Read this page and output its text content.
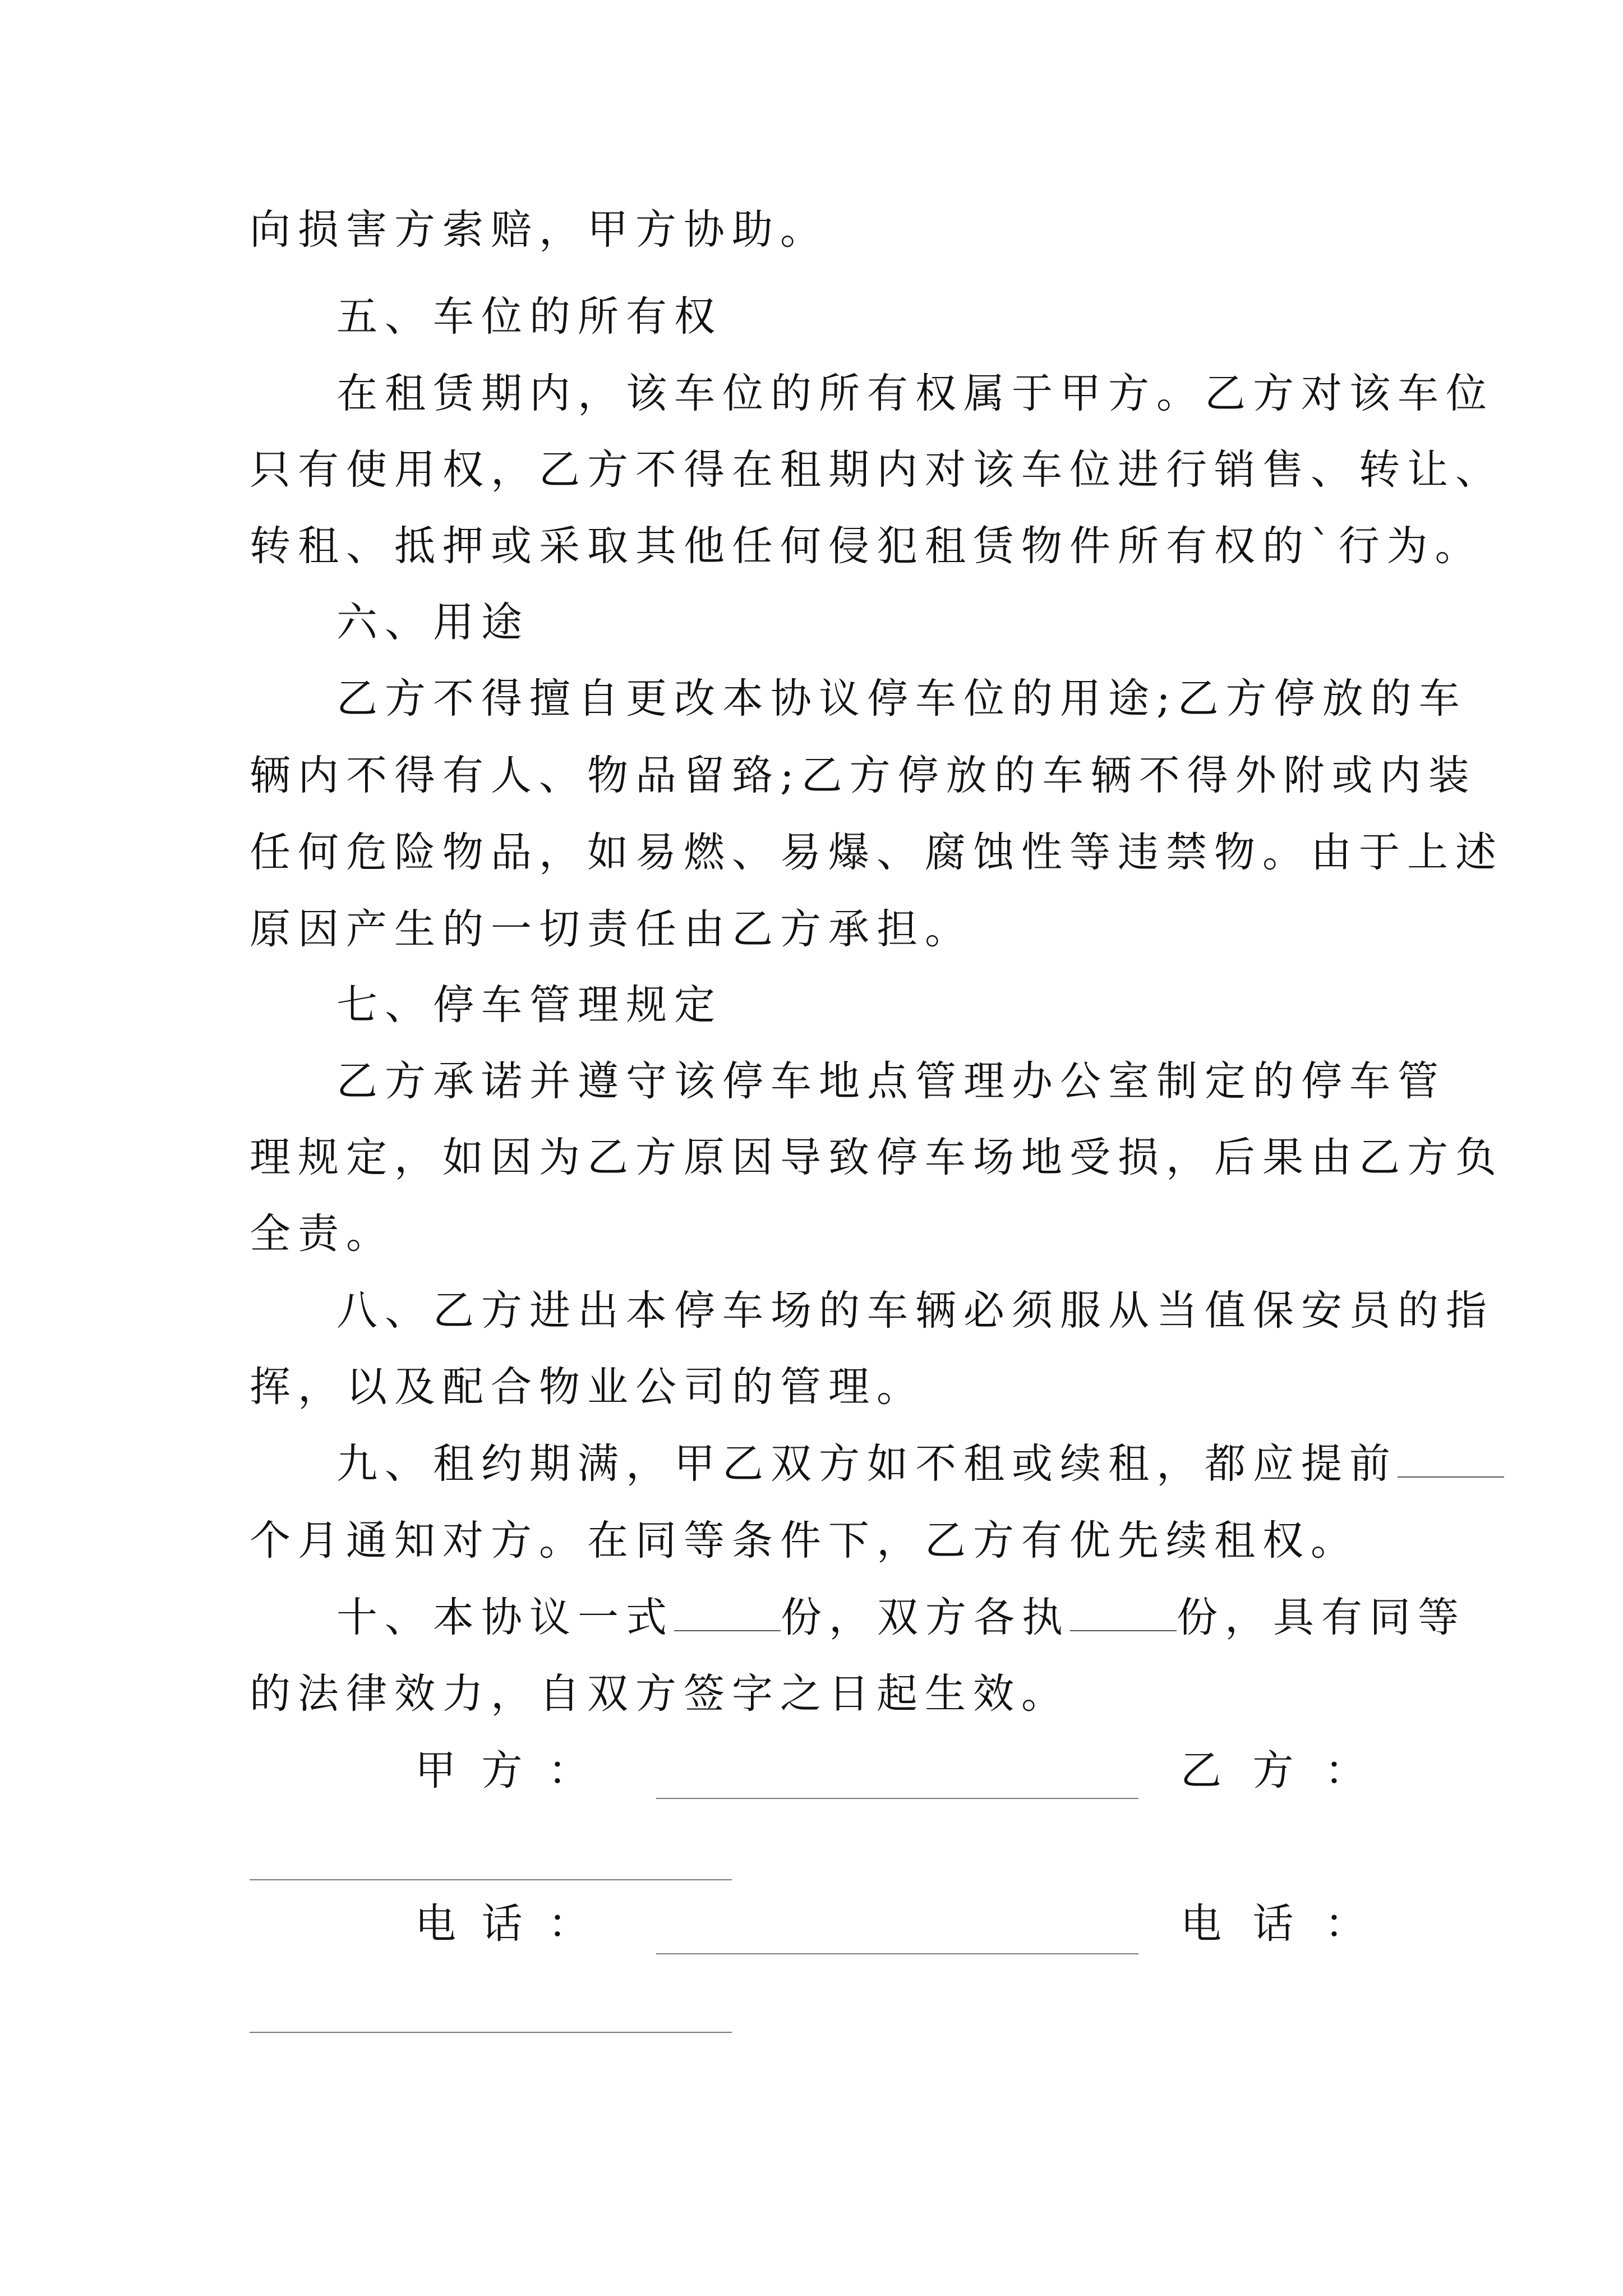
向损害方索赔，甲方协助。
五、车位的所有权
在租赁期内，该车位的所有权属于甲方。乙方对该车位
只有使用权，乙方不得在租期内对该车位进行销售、转让、
转租、抵押或采取其他任何侵犯租赁物件所有权的`行为。
六、用途
乙方不得擅自更改本协议停车位的用途;乙方停放的车
辆内不得有人、物品留臵;乙方停放的车辆不得外附或内装
任何危险物品，如易燃、易爆、腐蚀性等违禁物。由于上述
原因产生的一切责任由乙方承担。
七、停车管理规定
乙方承诺并遵守该停车地点管理办公室制定的停车管
理规定，如因为乙方原因导致停车场地受损，后果由乙方负
全责。
八、乙方进出本停车场的车辆必须服从当值保安员的指
挥，以及配合物业公司的管理。
九、租约期满，甲乙双方如不租或续租，都应提前
个月通知对方。在同等条件下，乙方有优先续租权。
十、本协议一式	份，双方各执	份，具有同等
的法律效力，自双方签字之日起生效。
甲 方 ：	乙 方 ：
电 话 ：	电 话 ：
